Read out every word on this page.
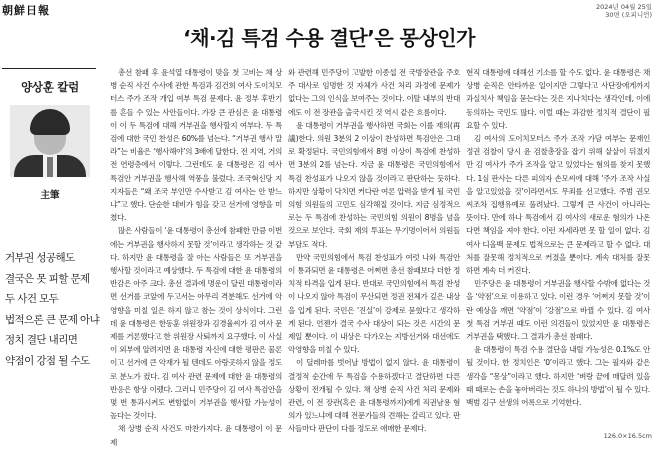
朝鮮日報	2024년 04월 25일
30면 (오피니언)
‘채·김 특검 수용 결단’은 몽상인가
양상훈 칼럼
主筆
거부권 성공해도
결국은 못 피할 문제
두 사건 모두
법적으론 큰 문제 아냐
정치 결단 내리면
약점이 강점 될 수도

총선 참패 후 윤석열 대통령이 맞을 첫 고비는 채 상병 순직 사건 수사에 관한 특검과 김건희 여사 도이치모터스 주가 조작 개입 여부 특검 문제다. 윤 정부 후반기를 흔들 수 있는 사안들이다. 가장 큰 관심은 윤 대통령이 이 두 특검에 대해 거부권을 행사할지 여부다. 두 특검에 대한 국민 찬성은 60%를 넘는다. “거부권 행사 말라”는 비율은 ‘행사해야’의 3배에 달한다. 전 지역, 거의 전 연령층에서 이렇다. 그런데도 윤 대통령은 김 여사 특검안 거부권을 행사해 역풍을 불렀다. 조국혁신당 지지자들은 “왜 조국 부인만 수사받고 김 여사는 안 받느냐”고 했다. 단순한 대비가 힘을 갖고 선거에 영향을 미쳤다.

많은 사람들이 ‘윤 대통령이 총선에 참패한 만큼 이번에는 거부권을 행사하지 못할 것’이라고 생각하는 것 같다. 하지만 윤 대통령을 잘 아는 사람들은 또 거부권을 행사할 것이라고 예상했다. 두 특검에 대한 윤 대통령의 반감은 아주 크다. 총선 결과에 명운이 달린 대통령이라면 선거를 코앞에 두고서는 아무리 격분해도 선거에 악영향을 미칠 일은 하지 않고 참는 것이 상식이다. 그런데 윤 대통령은 한동훈 위원장과 김경율씨가 김 여사 문제를 거론했다고 한 위원장 사퇴까지 요구했다. 이 사실이 외부에 알려지면 윤 대통령 자신에 대한 평판은 물론이고 선거에 큰 악재가 될 텐데도 아랑곳하지 않을 정도로 분노가 컸다. 김 여사 관련 문제에 대한 윤 대통령의 반응은 항상 이랬다. 그러니 민주당이 김 여사 특검안을 몇 번 통과시켜도 변함없이 거부권을 행사할 가능성이 높다는 것이다.

채 상병 순직 사건도 마찬가지다. 윤 대통령이 이 문제

와 관련해 민주당이 고발한 이종섭 전 국방장관을 주호주 대사로 임명한 것 자체가 사건 처리 과정에 문제가 없다는 그의 인식을 보여주는 것이다. 이탈 내부의 반대에도 이 전 장관을 출국시킨 것 역시 같은 흐름이다.

윤 대통령이 거부권을 행사하면 국회는 이를 재의(再議)한다. 의원 3분의 2 이상이 찬성하면 특검안은 그대로 확정된다. 국민의힘에서 8명 이상이 특검에 찬성하면 3분의 2를 넘는다. 지금 윤 대통령은 국민의힘에서 특검 찬성표가 나오지 않을 것이라고 판단하는 듯하다. 하지만 상황이 닥치면 커다란 여론 압력을 받게 될 국민의힘 의원들의 고민도 심각해질 것이다. 지금 심정적으로는 두 특검에 찬성하는 국민의힘 의원이 8명을 넘을 것으로 보인다. 국회 재의 투표는 무기명이어서 의원들 부담도 적다.

만약 국민의힘에서 특검 찬성표가 여럿 나와 특검안이 통과되면 윤 대통령은 어쩌면 총선 참패보다 더한 정치적 타격을 입게 된다. 반대로 국민의힘에서 특검 찬성이 나오지 않아 특검이 무산되면 정권 전체가 깊은 내상을 입게 된다. 국민은 ‘진실’이 강제로 묻혔다고 생각하게 된다. 언젠가 결국 수사 대상이 되는 것은 시간의 문제일 뿐이다. 이 내상은 다가오는 지방선거와 대선에도 악영향을 미칠 수 있다.

이 딜레마를 벗어날 방법이 없지 않다. 윤 대통령이 결정적 순간에 두 특검을 수용하겠다고 결단하면 다른 상황이 전개될 수 있다. 채 상병 순직 사건 처리 문제와 관련, 이 전 장관(혹은 윤 대통령까지)에게 직권남용 혐의가 있느냐에 대해 전문가들의 견해는 갈리고 있다. 판사들마다 판단이 다를 정도로 애매한 문제다.

현직 대통령에 대해선 기소를 할 수도 없다. 윤 대통령은 채 상병 순직은 안타까운 일이지만 그렇다고 사단장에게까지 과실치사 책임을 묻는다는 것은 지나치다는 생각인데, 이에 동의하는 국민도 많다. 이럴 때는 과감한 정치적 결단이 필요할 수 있다.

김 여사의 도이치모터스 주가 조작 가담 여부는 문재인 정권 검찰이 당시 윤 검찰총장을 잡기 위해 샅샅이 뒤졌지만 김 여사가 주가 조작을 알고 있었다는 혐의를 찾지 못했다. 1심 판사는 다른 피의자 손모씨에 대해 ‘주가 조작 사실을 알고있었을 것’이라면서도 무죄를 선고했다. 주범 권모씨조차 집행유예로 풀려났다. 그렇게 큰 사건이 아니라는 뜻이다. 만에 하나 특검에서 김 여사의 새로운 혐의가 나온다면 책임을 져야 한다. 이런 자세라면 못 할 일이 없다. 김 여사 디올백 문제도 법적으로는 큰 문제라고 할 수 없다. 대처를 잘못해 정치적으로 커졌을 뿐이다. 계속 대처를 잘못하면 계속 더 커진다.

민주당은 윤 대통령이 거부권을 행사할 수밖에 없다는 것을 ‘약점’으로 이용하고 있다. 이런 경우 ‘어쩌지 못할 것’이란 예상을 깨면 ‘약점’이 ‘강점’으로 바뀔 수 있다. 김 여사 첫 특검 거부권 때도 이런 의견들이 있었지만 윤 대통령은 거부권을 택했다. 그 결과가 총선 참패다.

윤 대통령이 특검 수용 결단을 내릴 가능성은 0.1%도 안 될 것이다. 한 정치인은 ‘0’이라고 했다. 그는 필자와 같은 생각을 “몽상”이라고 했다. 하지만 ‘벼랑 끝에 매달려 있을 때 때로는 손을 놓아버리는 것도 하나의 방법’이 될 수 있다. 백범 김구 선생의 어록으로 기억한다.

126.0×16.5cm
